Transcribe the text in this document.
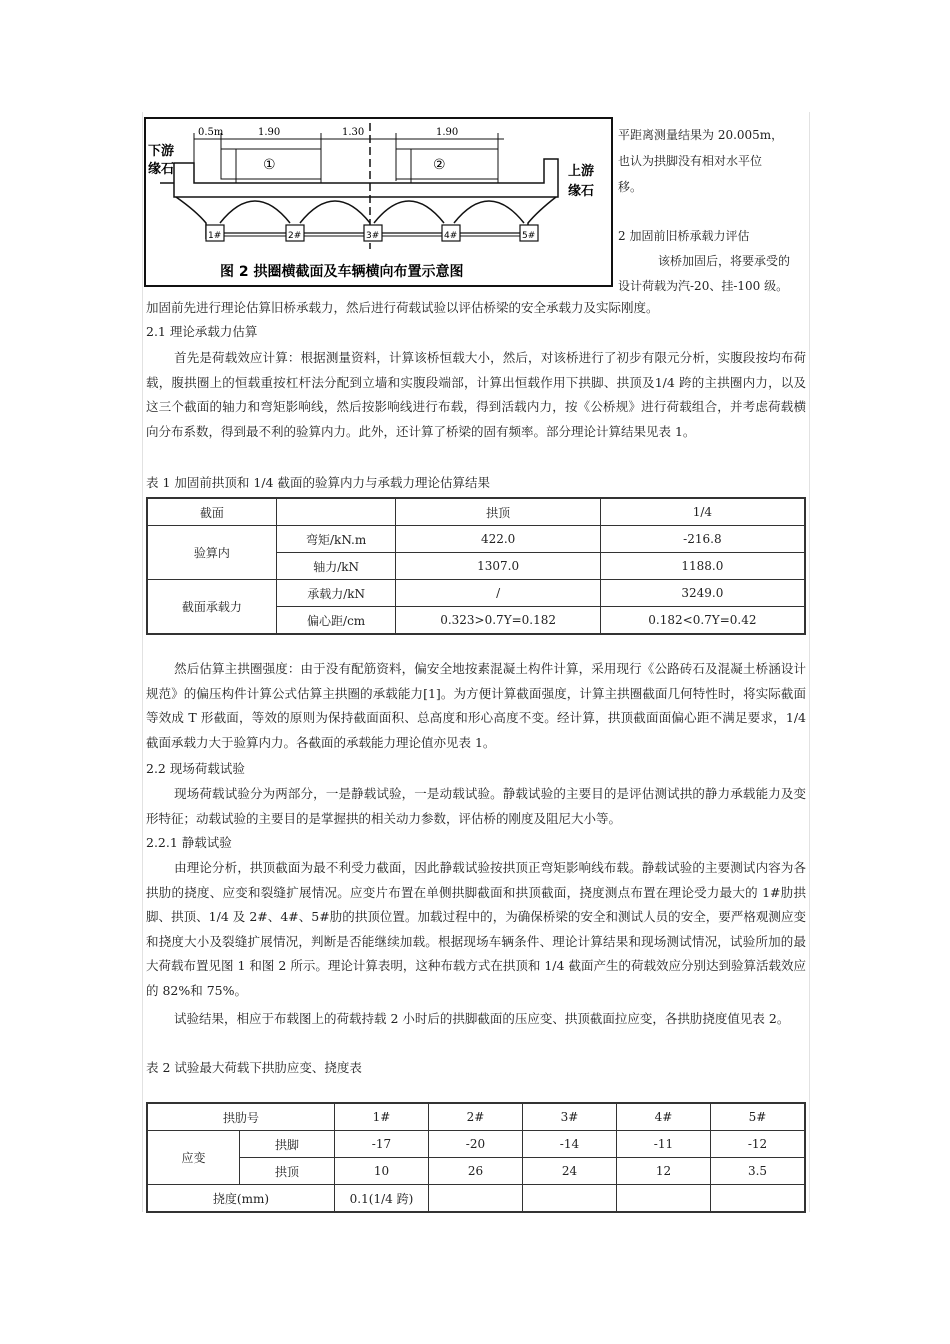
0.5m	1.90	1.30	1.90
①	②
1#	2#	3#	4#	5#
下游
缘石	上游
缘石
图 2 拱圈横截面及车辆横向布置示意图
平距离测量结果为 20.005m，
也认为拱脚没有相对水平位
移。
2 加固前旧桥承载力评估
该桥加固后，将要承受的
设计荷载为汽-20、挂-100 级。
加固前先进行理论估算旧桥承载力，然后进行荷载试验以评估桥梁的安全承载力及实际刚度。
2.1 理论承载力估算
首先是荷载效应计算：根据测量资料，计算该桥恒载大小，然后，对该桥进行了初步有限元分析，实腹段按均布荷载，腹拱圈上的恒载重按杠杆法分配到立墙和实腹段端部，计算出恒载作用下拱脚、拱顶及1/4 跨的主拱圈内力，以及这三个截面的轴力和弯矩影响线，然后按影响线进行布载，得到活载内力，按《公桥规》进行荷载组合，并考虑荷载横向分布系数，得到最不利的验算内力。此外，还计算了桥梁的固有频率。部分理论计算结果见表 1。
表 1 加固前拱顶和 1/4 截面的验算内力与承载力理论估算结果
截面		拱顶	1/4
验算内	弯矩/kN.m	422.0	-216.8
	轴力/kN	1307.0	1188.0
截面承载力	承载力/kN	/	3249.0
	偏心距/cm	0.323>0.7Y=0.182	0.182<0.7Y=0.42
然后估算主拱圈强度：由于没有配筋资料，偏安全地按素混凝土构件计算，采用现行《公路砖石及混凝土桥涵设计规范》的偏压构件计算公式估算主拱圈的承载能力[1]。为方便计算截面强度，计算主拱圈截面几何特性时，将实际截面等效成 T 形截面，等效的原则为保持截面面积、总高度和形心高度不变。经计算，拱顶截面面偏心距不满足要求，1/4 截面承载力大于验算内力。各截面的承载能力理论值亦见表 1。
2.2 现场荷载试验
现场荷载试验分为两部分，一是静载试验，一是动载试验。静载试验的主要目的是评估测试拱的静力承载能力及变形特征；动载试验的主要目的是掌握拱的相关动力参数，评估桥的刚度及阻尼大小等。
2.2.1 静载试验
由理论分析，拱顶截面为最不利受力截面，因此静载试验按拱顶正弯矩影响线布载。静载试验的主要测试内容为各拱肋的挠度、应变和裂缝扩展情况。应变片布置在单侧拱脚截面和拱顶截面，挠度测点布置在理论受力最大的 1#肋拱脚、拱顶、1/4 及 2#、4#、5#肋的拱顶位置。加载过程中的，为确保桥梁的安全和测试人员的安全，要严格观测应变和挠度大小及裂缝扩展情况，判断是否能继续加载。根据现场车辆条件、理论计算结果和现场测试情况，试验所加的最大荷载布置见图 1 和图 2 所示。理论计算表明，这种布载方式在拱顶和 1/4 截面产生的荷载效应分别达到验算活载效应的 82%和 75%。
试验结果，相应于布载图上的荷载持载 2 小时后的拱脚截面的压应变、拱顶截面拉应变，各拱肋挠度值见表 2。
表 2 试验最大荷载下拱肋应变、挠度表
拱肋号		1#	2#	3#	4#	5#
应变	拱脚	-17	-20	-14	-11	-12
	拱顶	10	26	24	12	3.5
挠度(mm)		0.1(1/4 跨)				
